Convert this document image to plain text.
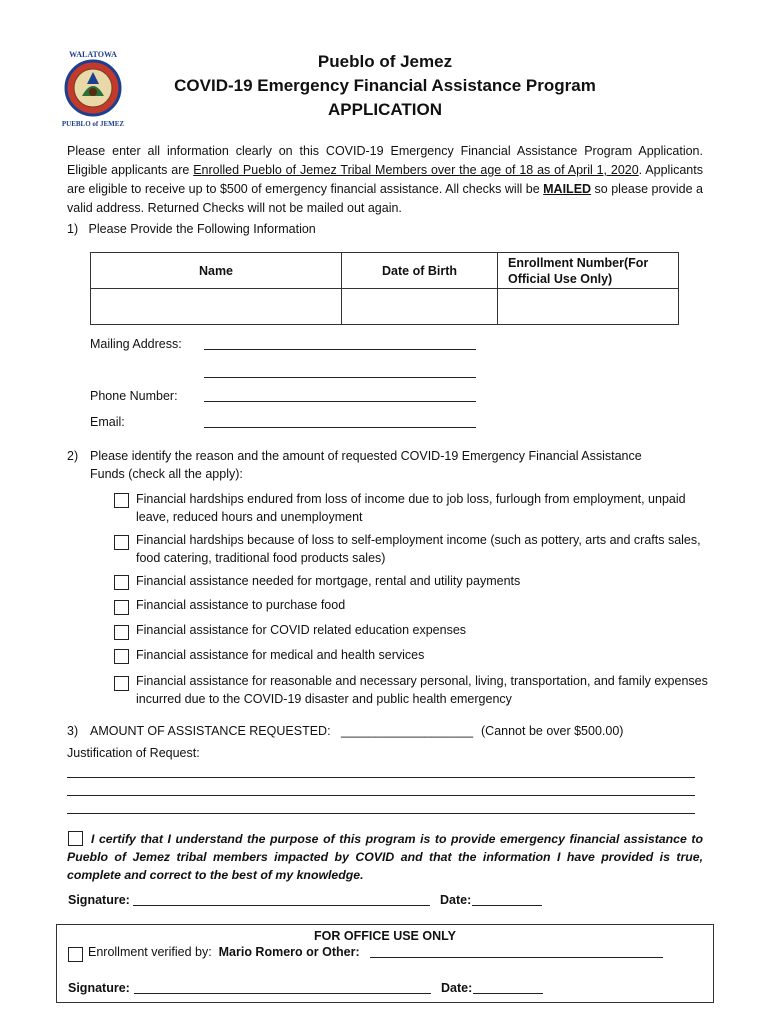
WALATOWA
PUEBLO of JEMEZ
Pueblo of Jemez
COVID-19 Emergency Financial Assistance Program
APPLICATION
Please enter all information clearly on this COVID-19 Emergency Financial Assistance Program Application. Eligible applicants are Enrolled Pueblo of Jemez Tribal Members over the age of 18 as of April 1, 2020. Applicants are eligible to receive up to $500 of emergency financial assistance. All checks will be MAILED so please provide a valid address. Returned Checks will not be mailed out again.
1) Please Provide the Following Information
Name	Date of Birth	Enrollment Number(For Official Use Only)

Mailing Address:
Phone Number:
Email:
2) Please identify the reason and the amount of requested COVID-19 Emergency Financial Assistance Funds (check all the apply):
Financial hardships endured from loss of income due to job loss, furlough from employment, unpaid leave, reduced hours and unemployment
Financial hardships because of loss to self-employment income (such as pottery, arts and crafts sales, food catering, traditional food products sales)
Financial assistance needed for mortgage, rental and utility payments
Financial assistance to purchase food
Financial assistance for COVID related education expenses
Financial assistance for medical and health services
Financial assistance for reasonable and necessary personal, living, transportation, and family expenses incurred due to the COVID-19 disaster and public health emergency
3) AMOUNT OF ASSISTANCE REQUESTED: ___________________ (Cannot be over $500.00)
Justification of Request:
I certify that I understand the purpose of this program is to provide emergency financial assistance to Pueblo of Jemez tribal members impacted by COVID and that the information I have provided is true, complete and correct to the best of my knowledge.
Signature:	Date:
FOR OFFICE USE ONLY
Enrollment verified by: Mario Romero or Other:
Signature:	Date:
